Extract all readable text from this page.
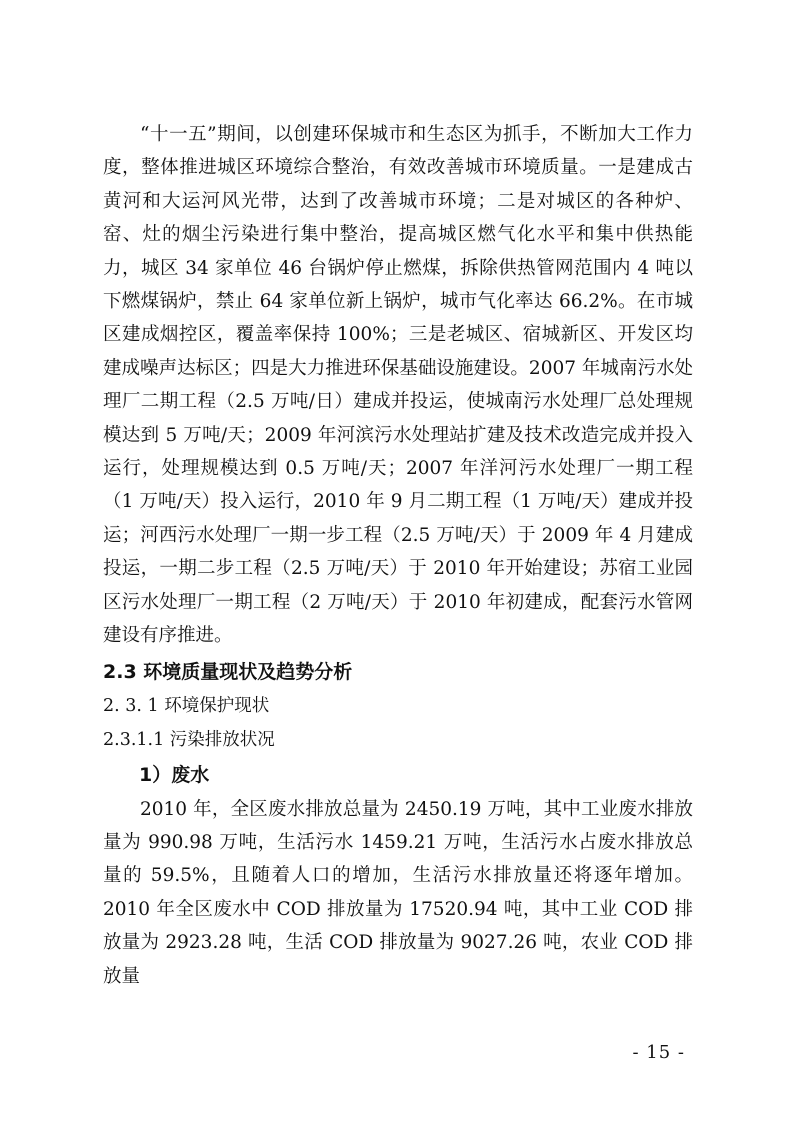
“十一五”期间，以创建环保城市和生态区为抓手，不断加大工作力度，整体推进城区环境综合整治，有效改善城市环境质量。一是建成古黄河和大运河风光带，达到了改善城市环境；二是对城区的各种炉、窑、灶的烟尘污染进行集中整治，提高城区燃气化水平和集中供热能力，城区 34 家单位 46 台锅炉停止燃煤，拆除供热管网范围内 4 吨以下燃煤锅炉，禁止 64 家单位新上锅炉，城市气化率达 66.2%。在市城区建成烟控区，覆盖率保持 100%；三是老城区、宿城新区、开发区均建成噪声达标区；四是大力推进环保基础设施建设。2007 年城南污水处理厂二期工程（2.5 万吨/日）建成并投运，使城南污水处理厂总处理规模达到 5 万吨/天；2009 年河滨污水处理站扩建及技术改造完成并投入运行，处理规模达到 0.5 万吨/天；2007 年洋河污水处理厂一期工程（1 万吨/天）投入运行，2010 年 9 月二期工程（1 万吨/天）建成并投运；河西污水处理厂一期一步工程（2.5 万吨/天）于 2009 年 4 月建成投运，一期二步工程（2.5 万吨/天）于 2010 年开始建设；苏宿工业园区污水处理厂一期工程（2 万吨/天）于 2010 年初建成，配套污水管网建设有序推进。

2.3 环境质量现状及趋势分析

2. 3. 1 环境保护现状

2.3.1.1 污染排放状况

1）废水

2010 年，全区废水排放总量为 2450.19 万吨，其中工业废水排放量为 990.98 万吨，生活污水 1459.21 万吨，生活污水占废水排放总量的 59.5%，且随着人口的增加，生活污水排放量还将逐年增加。2010 年全区废水中 COD 排放量为 17520.94 吨，其中工业 COD 排放量为 2923.28 吨，生活 COD 排放量为 9027.26 吨，农业 COD 排放量

- 15 -
